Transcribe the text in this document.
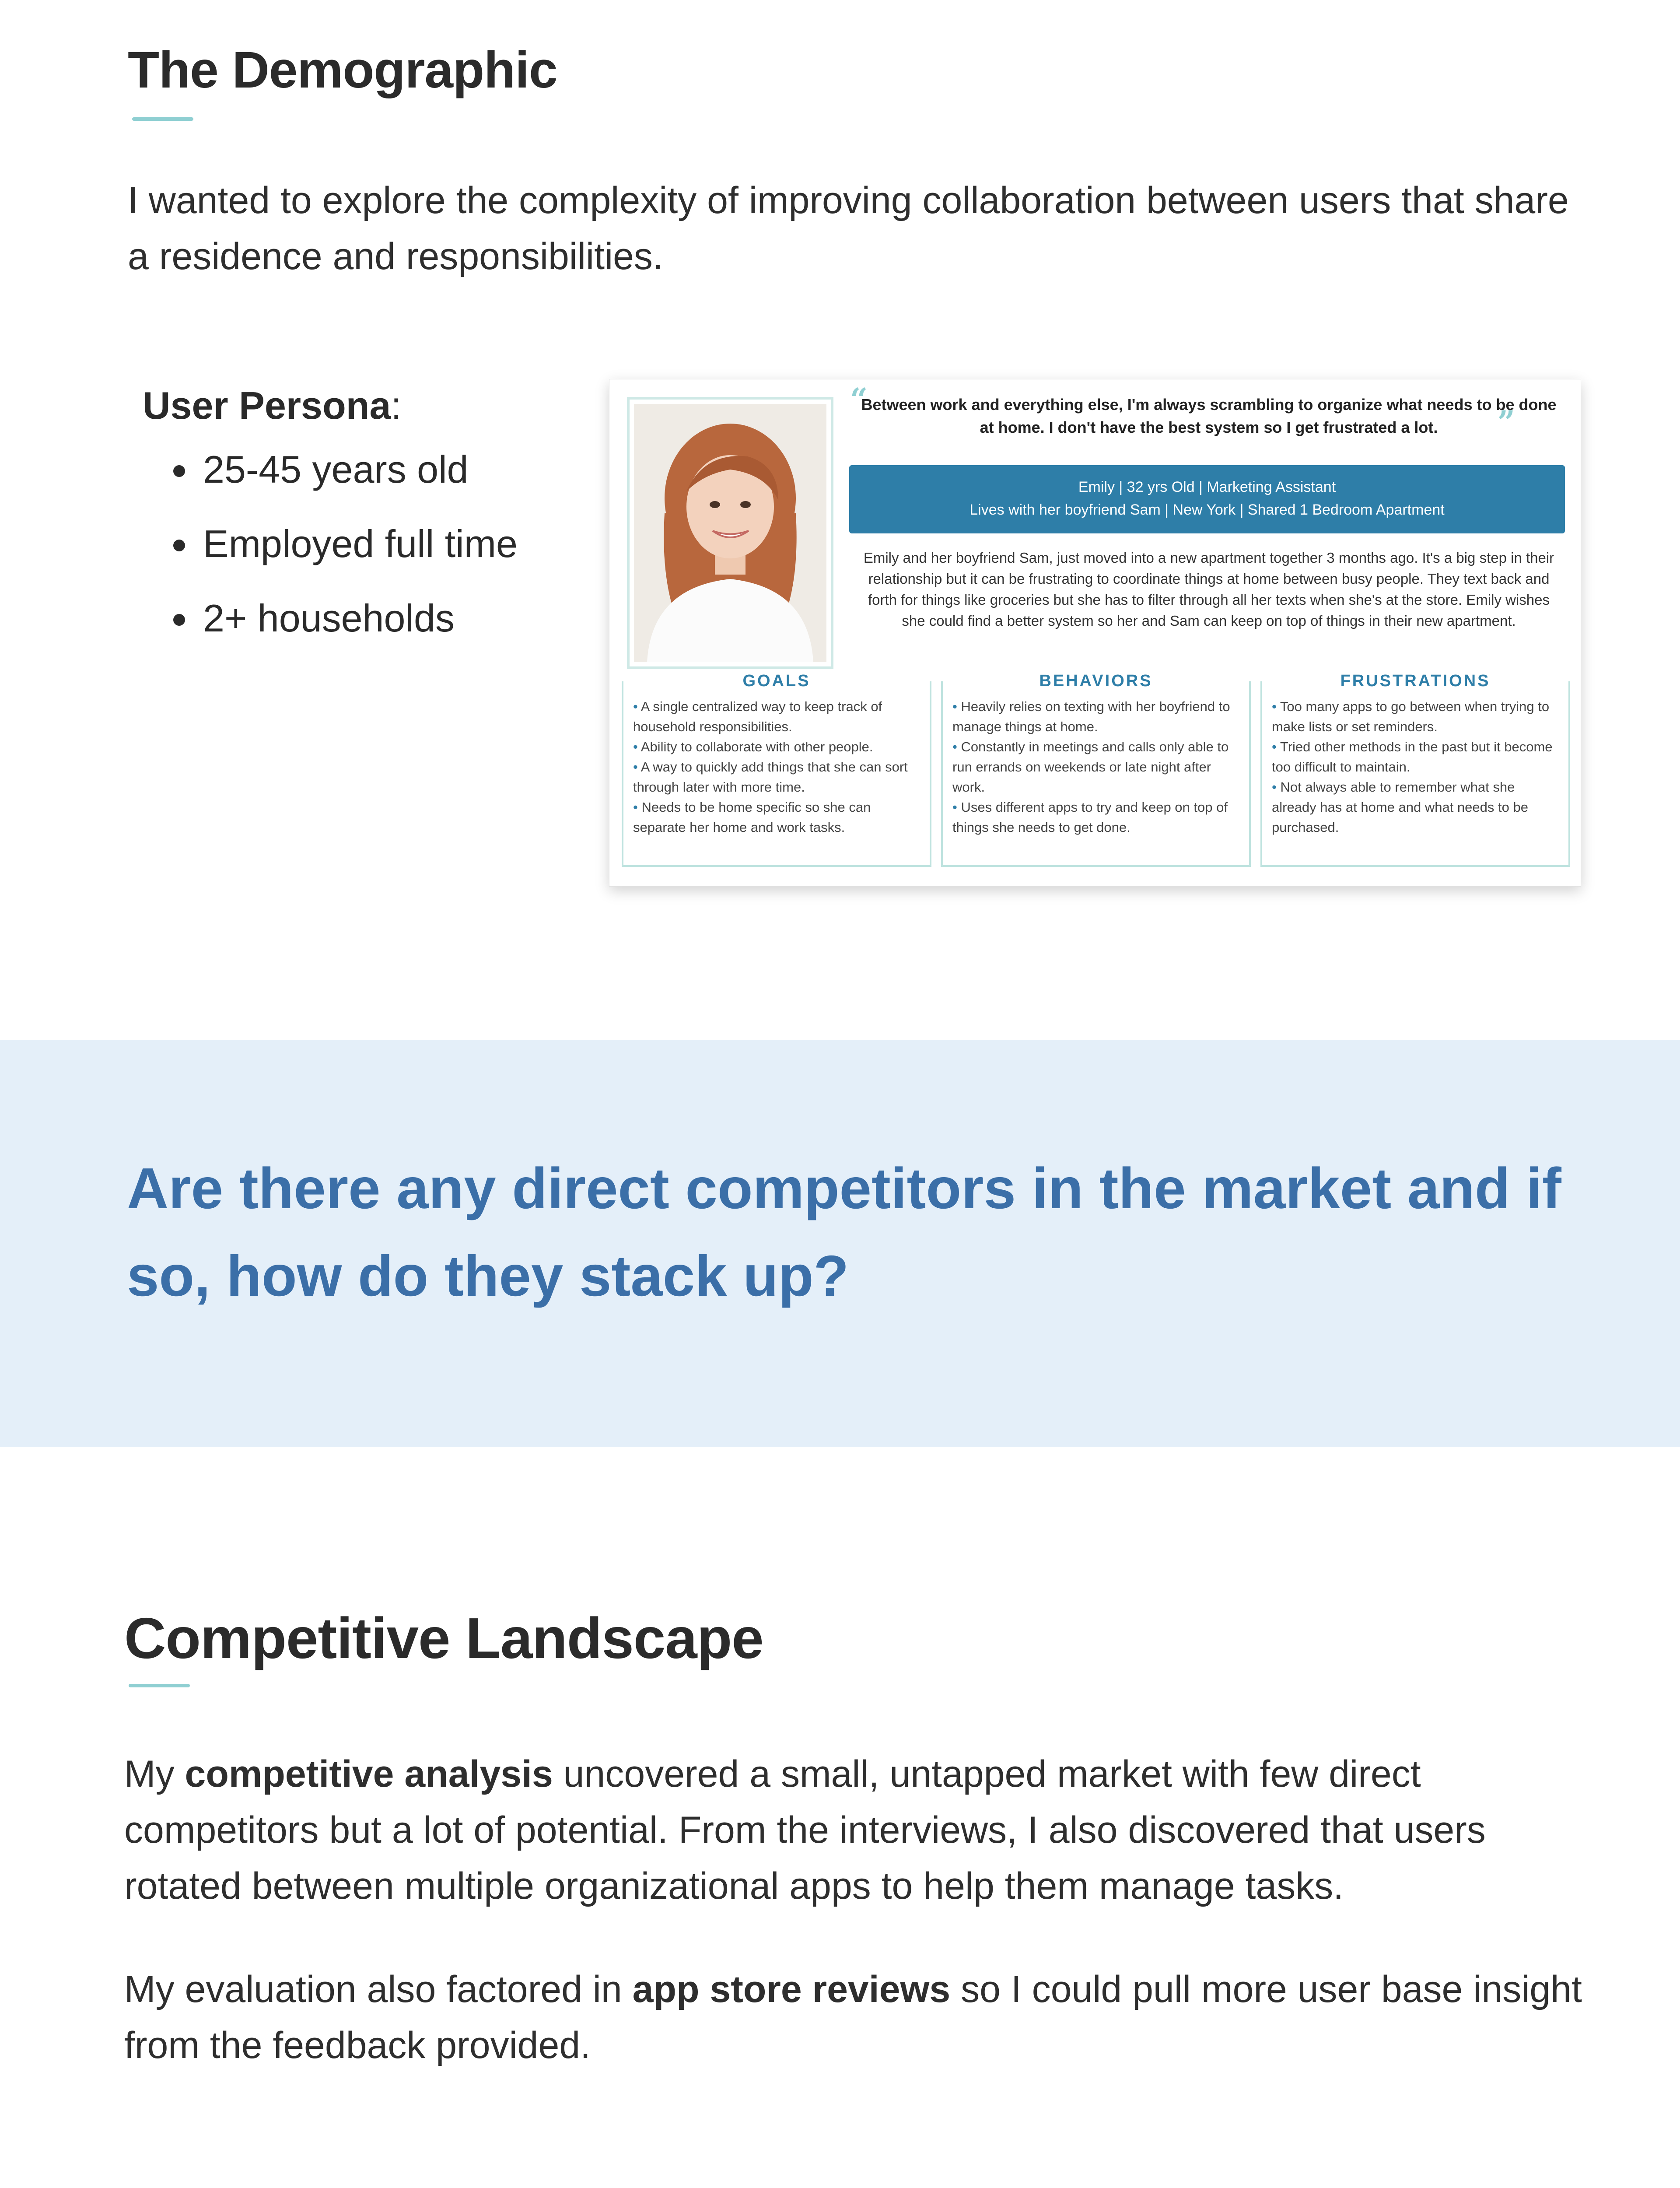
The Demographic
I wanted to explore the complexity of improving collaboration between users that share a residence and responsibilities.
User Persona:
• 25-45 years old
• Employed full time
• 2+ households
“
Between work and everything else, I'm always scrambling to organize what needs to be done at home. I don't have the best system so I get frustrated a lot. ”
Emily | 32 yrs Old | Marketing Assistant
Lives with her boyfriend Sam | New York | Shared 1 Bedroom Apartment
Emily and her boyfriend Sam, just moved into a new apartment together 3 months ago. It's a big step in their relationship but it can be frustrating to coordinate things at home between busy people. They text back and forth for things like groceries but she has to filter through all her texts when she's at the store. Emily wishes she could find a better system so her and Sam can keep on top of things in their new apartment.
GOALS
• A single centralized way to keep track of household responsibilities.
• Ability to collaborate with other people.
• A way to quickly add things that she can sort through later with more time.
• Needs to be home specific so she can separate her home and work tasks.
BEHAVIORS
• Heavily relies on texting with her boyfriend to manage things at home.
• Constantly in meetings and calls only able to run errands on weekends or late night after work.
• Uses different apps to try and keep on top of things she needs to get done.
FRUSTRATIONS
• Too many apps to go between when trying to make lists or set reminders.
• Tried other methods in the past but it become too difficult to maintain.
• Not always able to remember what she already has at home and what needs to be purchased.
Are there any direct competitors in the market and if so, how do they stack up?
Competitive Landscape
My competitive analysis uncovered a small, untapped market with few direct competitors but a lot of potential. From the interviews, I also discovered that users rotated between multiple organizational apps to help them manage tasks.
My evaluation also factored in app store reviews so I could pull more user base insight from the feedback provided.
